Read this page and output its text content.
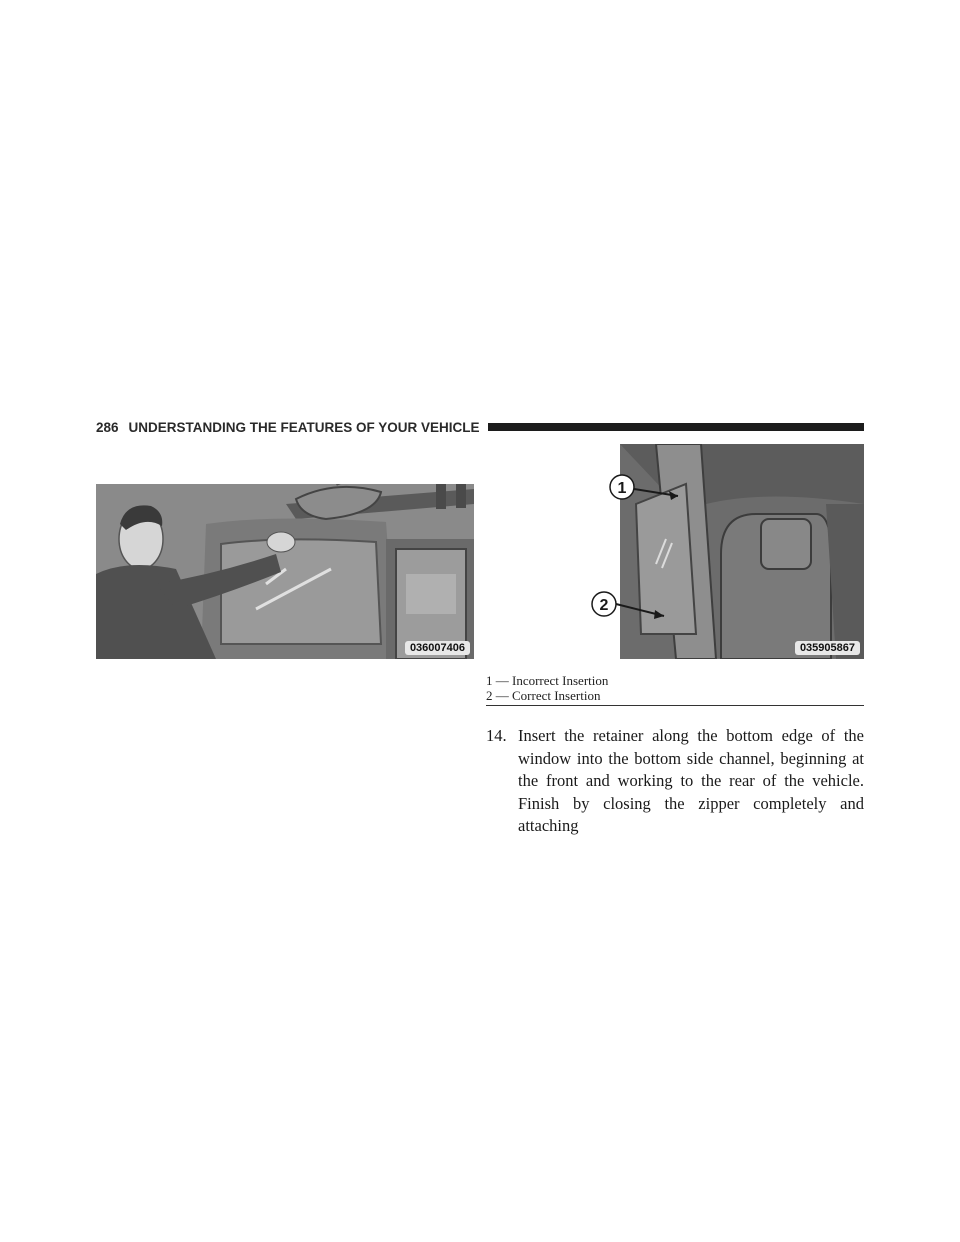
286 UNDERSTANDING THE FEATURES OF YOUR VEHICLE
036007406
1
2
035905867
1 — Incorrect Insertion
2 — Correct Insertion

14. Insert the retainer along the bottom edge of the window into the bottom side channel, beginning at the front and working to the rear of the vehicle. Finish by closing the zipper completely and attaching
